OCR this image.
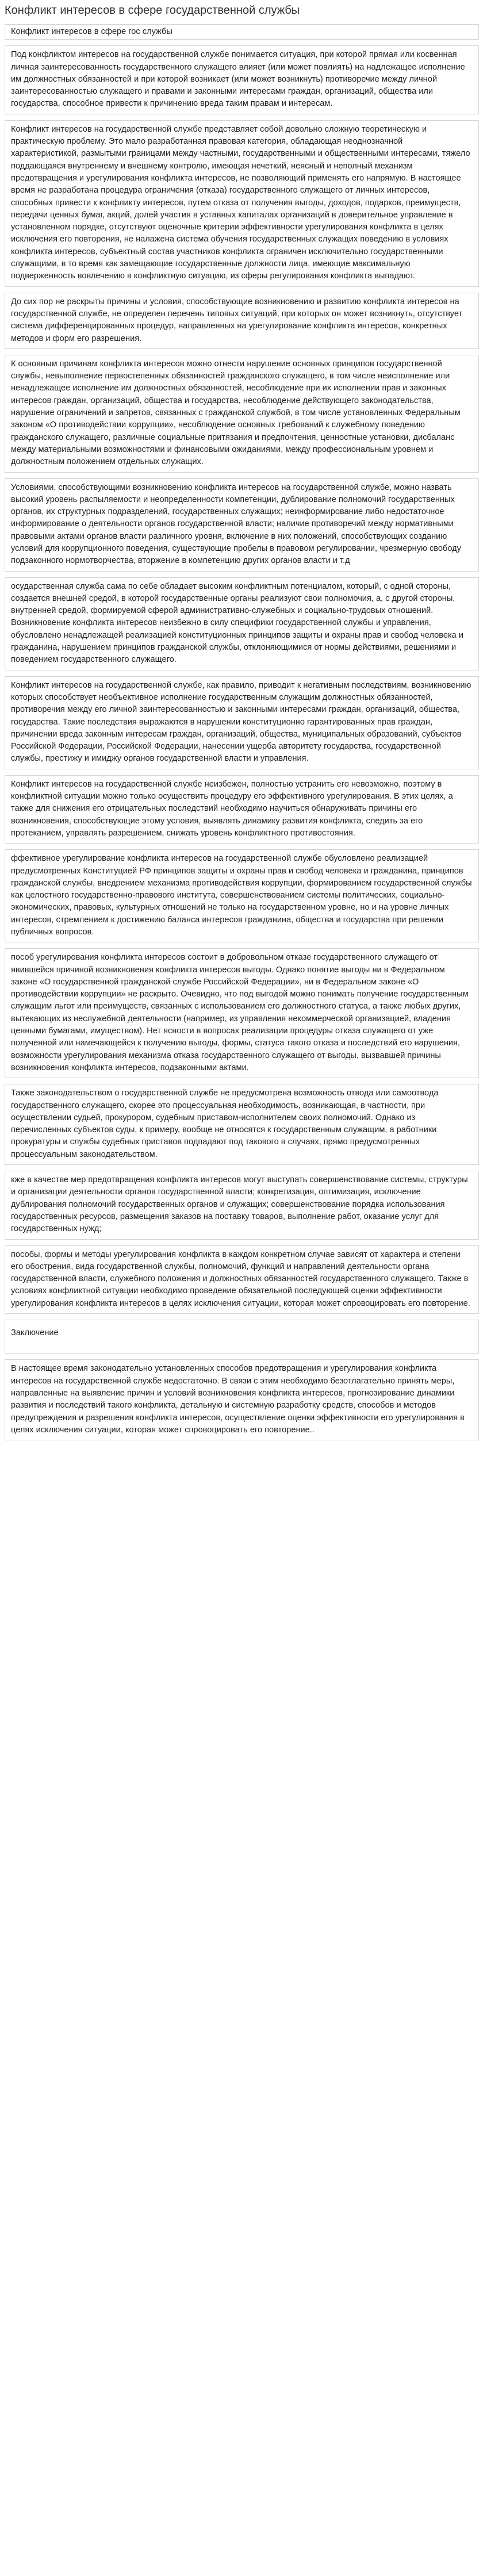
Конфликт интересов в сфере государственной службы
Конфликт интересов в сфере гос службы
Под конфликтом интересов на государственной службе понимается ситуация, при которой прямая или косвенная личная заинтересованность государственного служащего влияет (или может повлиять) на надлежащее исполнение им должностных обязанностей и при которой возникает (или может возникнуть) противоречие между личной заинтересованностью служащего и правами и законными интересами граждан, организаций, общества или государства, способное привести к причинению вреда таким правам и интересам.
Конфликт интересов на государственной службе представляет собой довольно сложную теоретическую и практическую проблему. Это мало разработанная правовая категория, обладающая неоднозначной характеристикой, размытыми границами между частными, государственными и общественными интересами, тяжело поддающаяся внутреннему и внешнему контролю, имеющая нечеткий, неясный и неполный механизм предотвращения и урегулирования конфликта интересов, не позволяющий применять его напрямую. В настоящее время не разработана процедура ограничения (отказа) государственного служащего от личных интересов, способных привести к конфликту интересов, путем отказа от получения выгоды, доходов, подарков, преимуществ, передачи ценных бумаг, акций, долей участия в уставных капиталах организаций в доверительное управление в установленном порядке, отсутствуют оценочные критерии эффективности урегулирования конфликта в целях исключения его повторения, не налажена система обучения государственных служащих поведению в условиях конфликта интересов, субъектный состав участников конфликта ограничен исключительно государственными служащими, в то время как замещающие государственные должности лица, имеющие максимальную подверженность вовлечению в конфликтную ситуацию, из сферы регулирования конфликта выпадают.
До сих пор не раскрыты причины и условия, способствующие возникновению и развитию конфликта интересов на государственной службе, не определен перечень типовых ситуаций, при которых он может возникнуть, отсутствует система дифференцированных процедур, направленных на урегулирование конфликта интересов, конкретных методов и форм его разрешения.
К основным причинам конфликта интересов можно отнести нарушение основных принципов государственной службы, невыполнение первостепенных обязанностей гражданского служащего, в том числе неисполнение или ненадлежащее исполнение им должностных обязанностей, несоблюдение при их исполнении прав и законных интересов граждан, организаций, общества и государства, несоблюдение действующего законодательства, нарушение ограничений и запретов, связанных с гражданской службой, в том числе установленных Федеральным законом «О противодействии коррупции», несоблюдение основных требований к служебному поведению гражданского служащего, различные социальные притязания и предпочтения, ценностные установки, дисбаланс между материальными возможностями и финансовыми ожиданиями, между профессиональным уровнем и должностным положением отдельных служащих.
Условиями, способствующими возникновению конфликта интересов на государственной службе, можно назвать высокий уровень распыляемости и неопределенности компетенции, дублирование полномочий государственных органов, их структурных подразделений, государственных служащих; неинформирование либо недостаточное информирование о деятельности органов государственной власти; наличие противоречий между нормативными правовыми актами органов власти различного уровня, включение в них положений, способствующих созданию условий для коррупционного поведения, существующие пробелы в правовом регулировании, чрезмерную свободу подзаконного нормотворчества, вторжение в компетенцию других органов власти и т.д
осударственная служба сама по себе обладает высоким конфликтным потенциалом, который, с одной стороны, создается внешней средой, в которой государственные органы реализуют свои полномочия, а, с другой стороны, внутренней средой, формируемой сферой административно-служебных и социально-трудовых отношений. Возникновение конфликта интересов неизбежно в силу специфики государственной службы и управления, обусловлено ненадлежащей реализацией конституционных принципов защиты и охраны прав и свобод человека и гражданина, нарушением принципов гражданской службы, отклоняющимися от нормы действиями, решениями и поведением государственного служащего.
Конфликт интересов на государственной службе, как правило, приводит к негативным последствиям, возникновению которых способствует необъективное исполнение государственным служащим должностных обязанностей, противоречия между его личной заинтересованностью и законными интересами граждан, организаций, общества, государства. Такие последствия выражаются в нарушении конституционно гарантированных прав граждан, причинении вреда законным интересам граждан, организаций, общества, муниципальных образований, субъектов Российской Федерации, Российской Федерации, нанесении ущерба авторитету государства, государственной службы, престижу и имиджу органов государственной власти и управления.
Конфликт интересов на государственной службе неизбежен, полностью устранить его невозможно, поэтому в конфликтной ситуации можно только осуществить процедуру его эффективного урегулирования. В этих целях, а также для снижения его отрицательных последствий необходимо научиться обнаруживать причины его возникновения, способствующие этому условия, выявлять динамику развития конфликта, следить за его протеканием, управлять разрешением, снижать уровень конфликтного противостояния.
ффективное урегулирование конфликта интересов на государственной службе обусловлено реализацией предусмотренных Конституцией РФ принципов защиты и охраны прав и свобод человека и гражданина, принципов гражданской службы, внедрением механизма противодействия коррупции, формированием государственной службы как целостного государственно-правового института, совершенствованием системы политических, социально-экономических, правовых, культурных отношений не только на государственном уровне, но и на уровне личных интересов, стремлением к достижению баланса интересов гражданина, общества и государства при решении публичных вопросов.
пособ урегулирования конфликта интересов состоит в добровольном отказе государственного служащего от явившейся причиной возникновения конфликта интересов выгоды. Однако понятие выгоды ни в Федеральном законе «О государственной гражданской службе Российской Федерации», ни в Федеральном законе «О противодействии коррупции» не раскрыто. Очевидно, что под выгодой можно понимать получение государственным служащим льгот или преимуществ, связанных с использованием его должностного статуса, а также любых других, вытекающих из неслужебной деятельности (например, из управления некоммерческой организацией, владения ценными бумагами, имуществом). Нет ясности в вопросах реализации процедуры отказа служащего от уже полученной или намечающейся к получению выгоды, формы, статуса такого отказа и последствий его нарушения, возможности урегулирования механизма отказа государственного служащего от выгоды, вызвавшей причины возникновения конфликта интересов, подзаконными актами.
Также законодательством о государственной службе не предусмотрена возможность отвода или самоотвода государственного служащего, скорее это процессуальная необходимость, возникающая, в частности, при осуществлении судьей, прокурором, судебным приставом-исполнителем своих полномочий. Однако из перечисленных субъектов суды, к примеру, вообще не относятся к государственным служащим, а работники прокуратуры и службы судебных приставов подпадают под такового в случаях, прямо предусмотренных процессуальным законодательством.
кже в качестве мер предотвращения конфликта интересов могут выступать совершенствование системы, структуры и организации деятельности органов государственной власти; конкретизация, оптимизация, исключение дублирования полномочий государственных органов и служащих; совершенствование порядка использования государственных ресурсов, размещения заказов на поставку товаров, выполнение работ, оказание услуг для государственных нужд;
пособы, формы и методы урегулирования конфликта в каждом конкретном случае зависят от характера и степени его обострения, вида государственной службы, полномочий, функций и направлений деятельности органа государственной власти, служебного положения и должностных обязанностей государственного служащего. Также в условиях конфликтной ситуации необходимо проведение обязательной последующей оценки эффективности урегулирования конфликта интересов в целях исключения ситуации, которая может спровоцировать его повторение.
Заключение
В настоящее время законодательно установленных способов предотвращения и урегулирования конфликта интересов на государственной службе недостаточно. В связи с этим необходимо безотлагательно принять меры, направленные на выявление причин и условий возникновения конфликта интересов, прогнозирование динамики развития и последствий такого конфликта, детальную и системную разработку средств, способов и методов предупреждения и разрешения конфликта интересов, осуществление оценки эффективности его урегулирования в целях исключения ситуации, которая может спровоцировать его повторение..
